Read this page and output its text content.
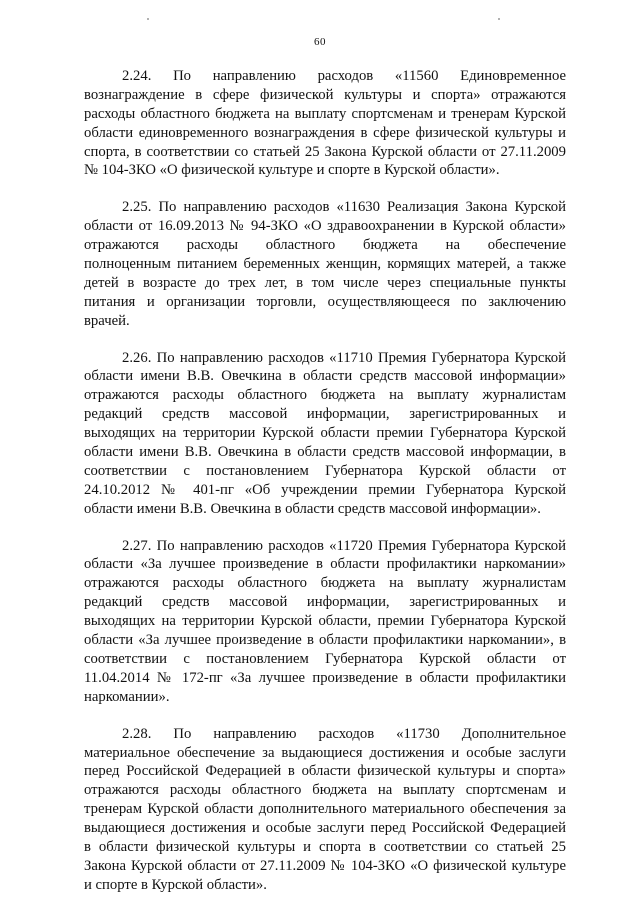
60
2.24. По направлению расходов «11560 Единовременное
вознаграждение в сфере физической культуры и спорта» отражаются
расходы областного бюджета на выплату спортсменам и тренерам Курской
области единовременного вознаграждения в сфере физической культуры и
спорта, в соответствии со статьей 25 Закона Курской области от 27.11.2009
№ 104-ЗКО «О физической культуре и спорте в Курской области».
2.25. По направлению расходов «11630 Реализация Закона Курской
области от 16.09.2013 № 94-ЗКО «О здравоохранении в Курской области»
отражаются расходы областного бюджета на обеспечение
полноценным питанием беременных женщин, кормящих матерей, а также
детей в возрасте до трех лет, в том числе через специальные пункты
питания и организации торговли, осуществляющееся по заключению
врачей.
2.26. По направлению расходов «11710 Премия Губернатора Курской
области имени В.В. Овечкина в области средств массовой информации»
отражаются расходы областного бюджета на выплату журналистам
редакций средств массовой информации, зарегистрированных и
выходящих на территории Курской области премии Губернатора Курской
области имени В.В. Овечкина в области средств массовой информации, в
соответствии с постановлением Губернатора Курской области от
24.10.2012 № 401-пг «Об учреждении премии Губернатора Курской
области имени В.В. Овечкина в области средств массовой информации».
2.27. По направлению расходов «11720 Премия Губернатора Курской
области «За лучшее произведение в области профилактики наркомании»
отражаются расходы областного бюджета на выплату журналистам
редакций средств массовой информации, зарегистрированных и
выходящих на территории Курской области, премии Губернатора Курской
области «За лучшее произведение в области профилактики наркомании», в
соответствии с постановлением Губернатора Курской области от
11.04.2014 № 172-пг «За лучшее произведение в области профилактики
наркомании».
2.28. По направлению расходов «11730 Дополнительное
материальное обеспечение за выдающиеся достижения и особые заслуги
перед Российской Федерацией в области физической культуры и спорта»
отражаются расходы областного бюджета на выплату спортсменам и
тренерам Курской области дополнительного материального обеспечения за
выдающиеся достижения и особые заслуги перед Российской Федерацией
в области физической культуры и спорта в соответствии со статьей 25
Закона Курской области от 27.11.2009 № 104-ЗКО «О физической культуре
и спорте в Курской области».
